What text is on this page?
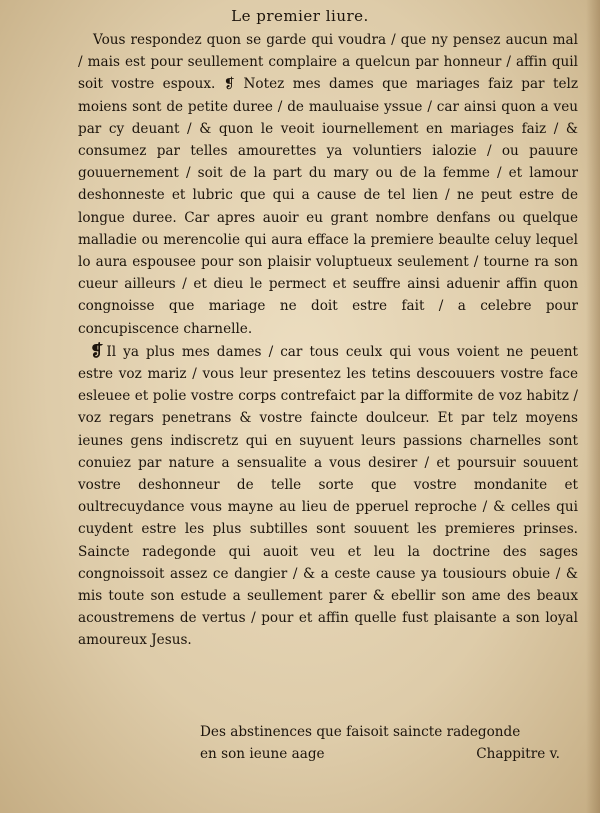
Le premier liure.

Vous respondez quon se garde qui voudra / que ny pensez aucun mal / mais est pour seullement complaire a quelcun par honneur / affin quil soit vostre espoux. ❡ Notez mes dames que mariages faiz par telz moiens sont de petite duree / de mauluaise yssue / car ainsi quon a veu par cy deuant / & quon le veoit iournellement en mariages faiz / & consumez par telles amourettes ya voluntiers ialozie / ou pauure gouuernement / soit de la part du mary ou de la femme / et lamour deshonneste et lubric que qui a cause de tel lien / ne peut estre de longue duree. Car apres auoir eu grant nombre denfans ou quelque malladie ou merencolie qui aura efface la premiere beaulte celuy lequel lo aura espousee pour son plaisir voluptueux seulement / tourne ra son cueur ailleurs / et dieu le permect et seuffre ainsi aduenir affin quon congnoisse que mariage ne doit estre fait / a celebre pour concupiscence charnelle.

❡ Il ya plus mes dames / car tous ceulx qui vous voient ne peuent estre voz mariz / vous leur presentez les tetins descouuers vostre face esleuee et polie vostre corps contrefaict par la difformite de voz habitz / voz regars penetrans & vostre faincte doulceur. Et par telz moyens ieunes gens indiscretz qui en suyuent leurs passions charnelles sont conuiez par nature a sensualite a vous desirer / et poursuir souuent vostre deshonneur de telle sorte que vostre mondanite et oultrecuydance vous mayne au lieu de pperuel reproche / & celles qui cuydent estre les plus subtilles sont souuent les premieres prinses. Saincte radegonde qui auoit veu et leu la doctrine des sages congnoissoit assez ce dangier / & a ceste cause ya tousiours obuie / & mis toute son estude a seullement parer & ebellir son ame des beaux acoustremens de vertus / pour et affin quelle fust plaisante a son loyal amoureux Jesus.

Des abstinences que faisoit saincte radegonde
en son ieune aage	Chappitre v.
